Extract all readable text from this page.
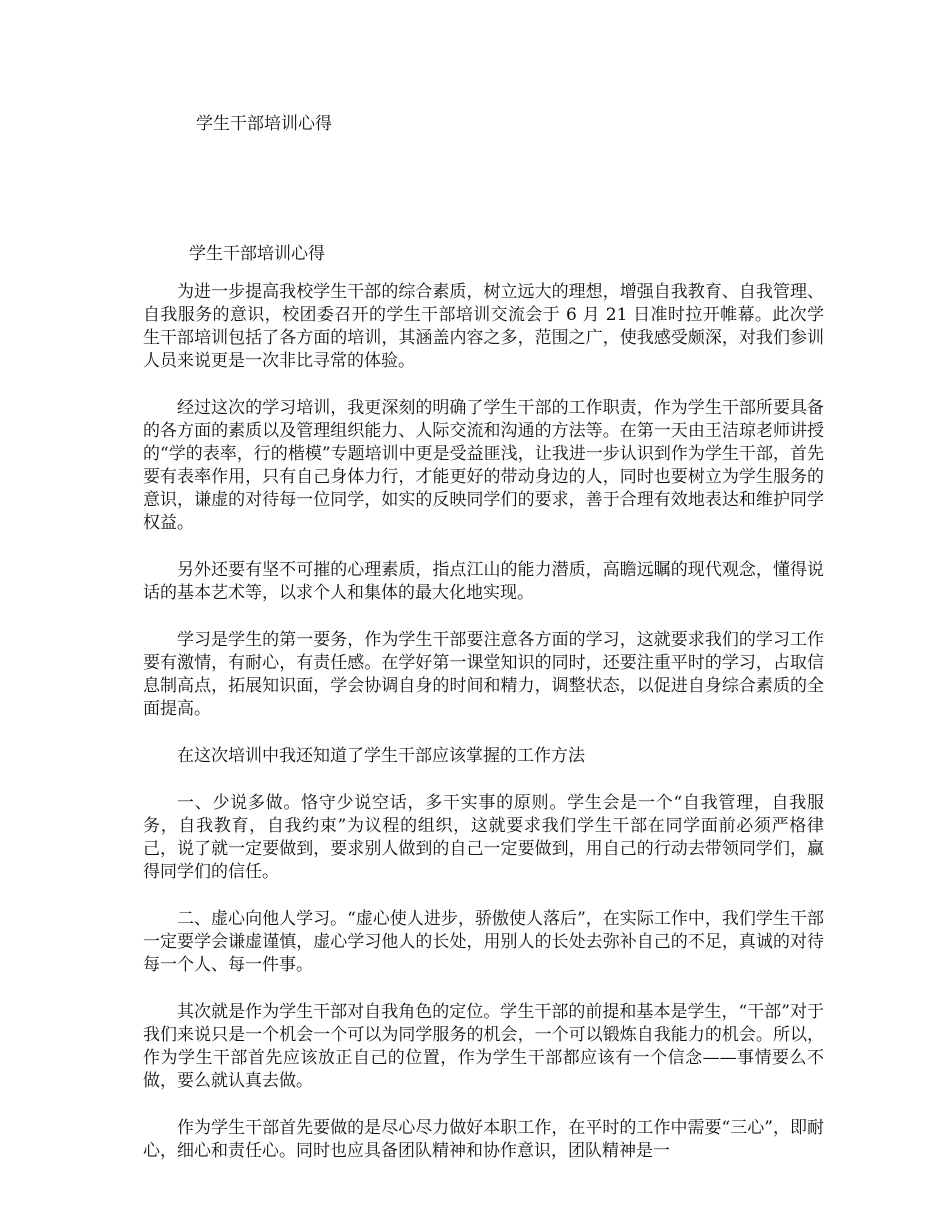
学生干部培训心得
学生干部培训心得

为进一步提高我校学生干部的综合素质，树立远大的理想，增强自我教育、自我管理、自我服务的意识，校团委召开的学生干部培训交流会于 6 月 21 日准时拉开帷幕。此次学生干部培训包括了各方面的培训，其涵盖内容之多，范围之广，使我感受颇深，对我们参训人员来说更是一次非比寻常的体验。

经过这次的学习培训，我更深刻的明确了学生干部的工作职责，作为学生干部所要具备的各方面的素质以及管理组织能力、人际交流和沟通的方法等。在第一天由王洁琼老师讲授的“学的表率，行的楷模”专题培训中更是受益匪浅，让我进一步认识到作为学生干部，首先要有表率作用，只有自己身体力行，才能更好的带动身边的人，同时也要树立为学生服务的意识，谦虚的对待每一位同学，如实的反映同学们的要求，善于合理有效地表达和维护同学权益。

另外还要有坚不可摧的心理素质，指点江山的能力潜质，高瞻远瞩的现代观念，懂得说话的基本艺术等，以求个人和集体的最大化地实现。

学习是学生的第一要务，作为学生干部要注意各方面的学习，这就要求我们的学习工作要有激情，有耐心，有责任感。在学好第一课堂知识的同时，还要注重平时的学习，占取信息制高点，拓展知识面，学会协调自身的时间和精力，调整状态，以促进自身综合素质的全面提高。

在这次培训中我还知道了学生干部应该掌握的工作方法

一、少说多做。恪守少说空话，多干实事的原则。学生会是一个“自我管理，自我服务，自我教育，自我约束”为议程的组织，这就要求我们学生干部在同学面前必须严格律己，说了就一定要做到，要求别人做到的自己一定要做到，用自己的行动去带领同学们，赢得同学们的信任。

二、虚心向他人学习。“虚心使人进步，骄傲使人落后”，在实际工作中，我们学生干部一定要学会谦虚谨慎，虚心学习他人的长处，用别人的长处去弥补自己的不足，真诚的对待每一个人、每一件事。

其次就是作为学生干部对自我角色的定位。学生干部的前提和基本是学生，“干部”对于我们来说只是一个机会一个可以为同学服务的机会，一个可以锻炼自我能力的机会。所以，作为学生干部首先应该放正自己的位置，作为学生干部都应该有一个信念——事情要么不做，要么就认真去做。

作为学生干部首先要做的是尽心尽力做好本职工作，在平时的工作中需要“三心”，即耐心，细心和责任心。同时也应具备团队精神和协作意识，团队精神是一
